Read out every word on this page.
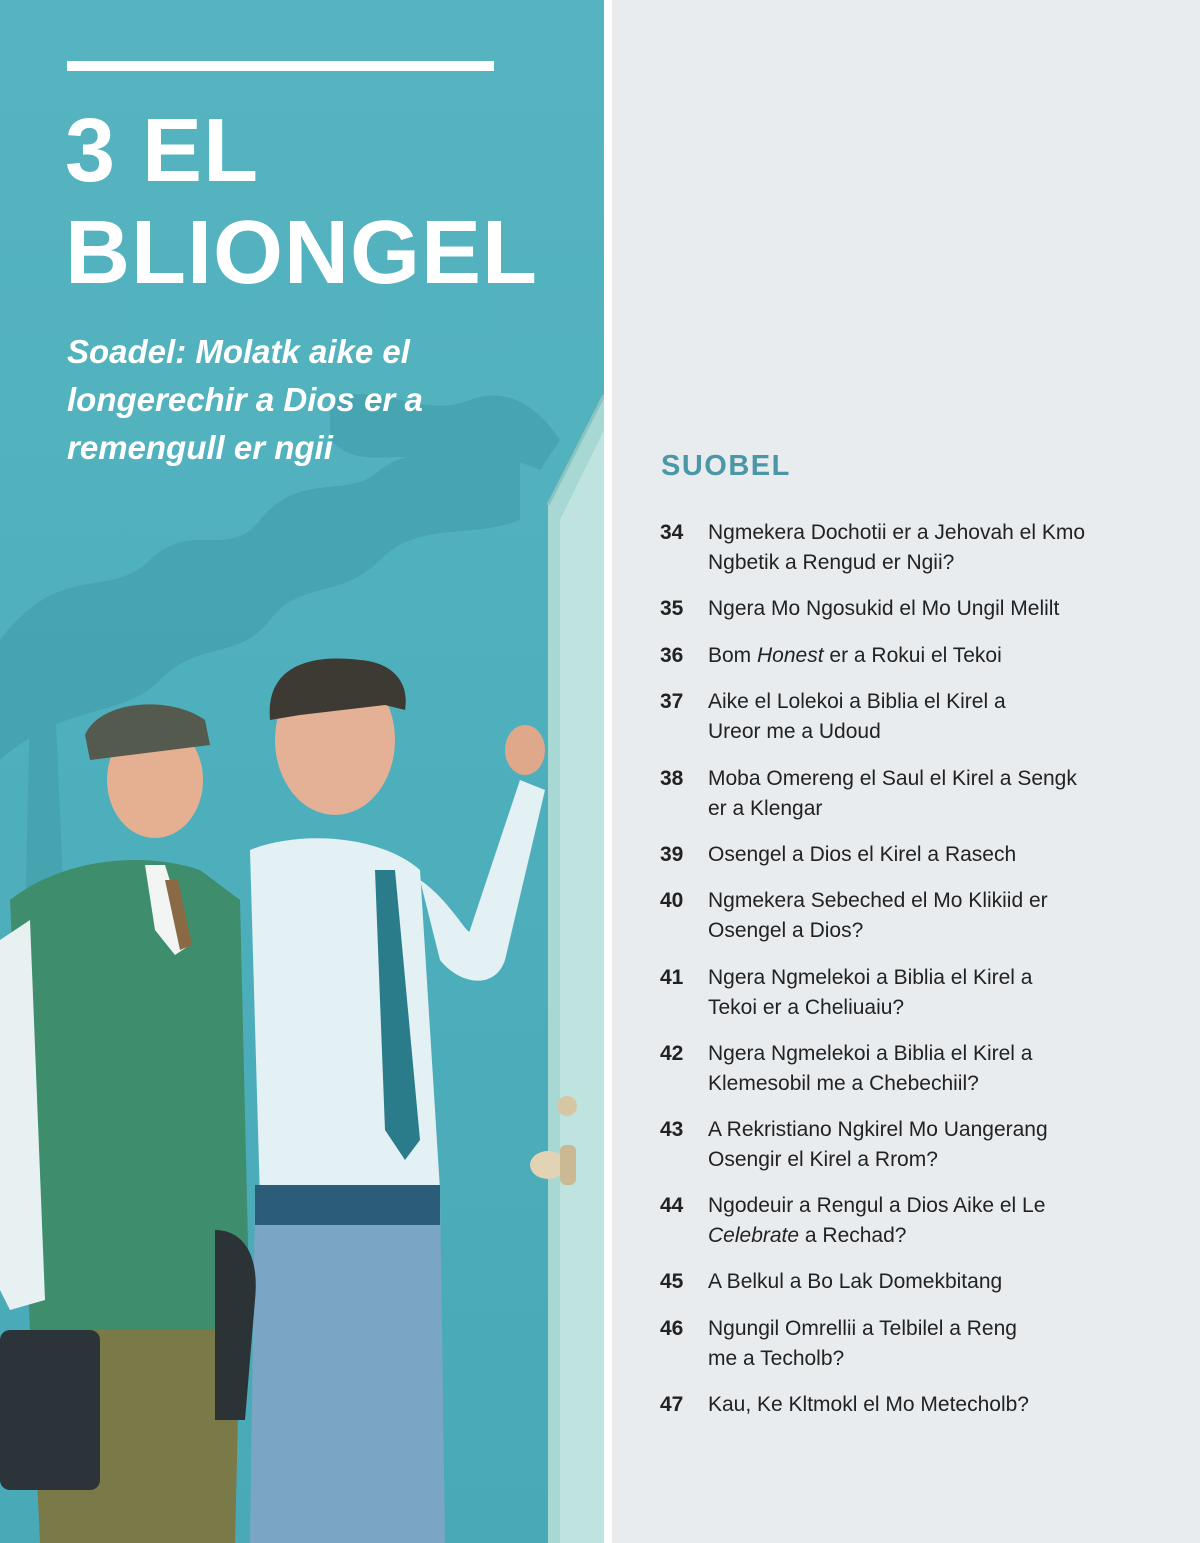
3 EL
BLIONGEL
Soadel: Molatk aike el
longerechir a Dios er a
remengull er ngii	SUOBEL
34	Ngmekera Dochotii er a Jehovah el Kmo
Ngbetik a Rengud er Ngii?
35	Ngera Mo Ngosukid el Mo Ungil Melilt
36	Bom Honest er a Rokui el Tekoi
37	Aike el Lolekoi a Biblia el Kirel a
Ureor me a Udoud
38	Moba Omereng el Saul el Kirel a Sengk
er a Klengar
39	Osengel a Dios el Kirel a Rasech
40	Ngmekera Sebeched el Mo Klikiid er
Osengel a Dios?
41	Ngera Ngmelekoi a Biblia el Kirel a
Tekoi er a Cheliuaiu?
42	Ngera Ngmelekoi a Biblia el Kirel a
Klemesobil me a Chebechiil?
43	A Rekristiano Ngkirel Mo Uangerang
Osengir el Kirel a Rrom?
44	Ngodeuir a Rengul a Dios Aike el Le
Celebrate a Rechad?
45	A Belkul a Bo Lak Domekbitang
46	Ngungil Omrellii a Telbilel a Reng
me a Techolb?
47	Kau, Ke Kltmokl el Mo Metecholb?
